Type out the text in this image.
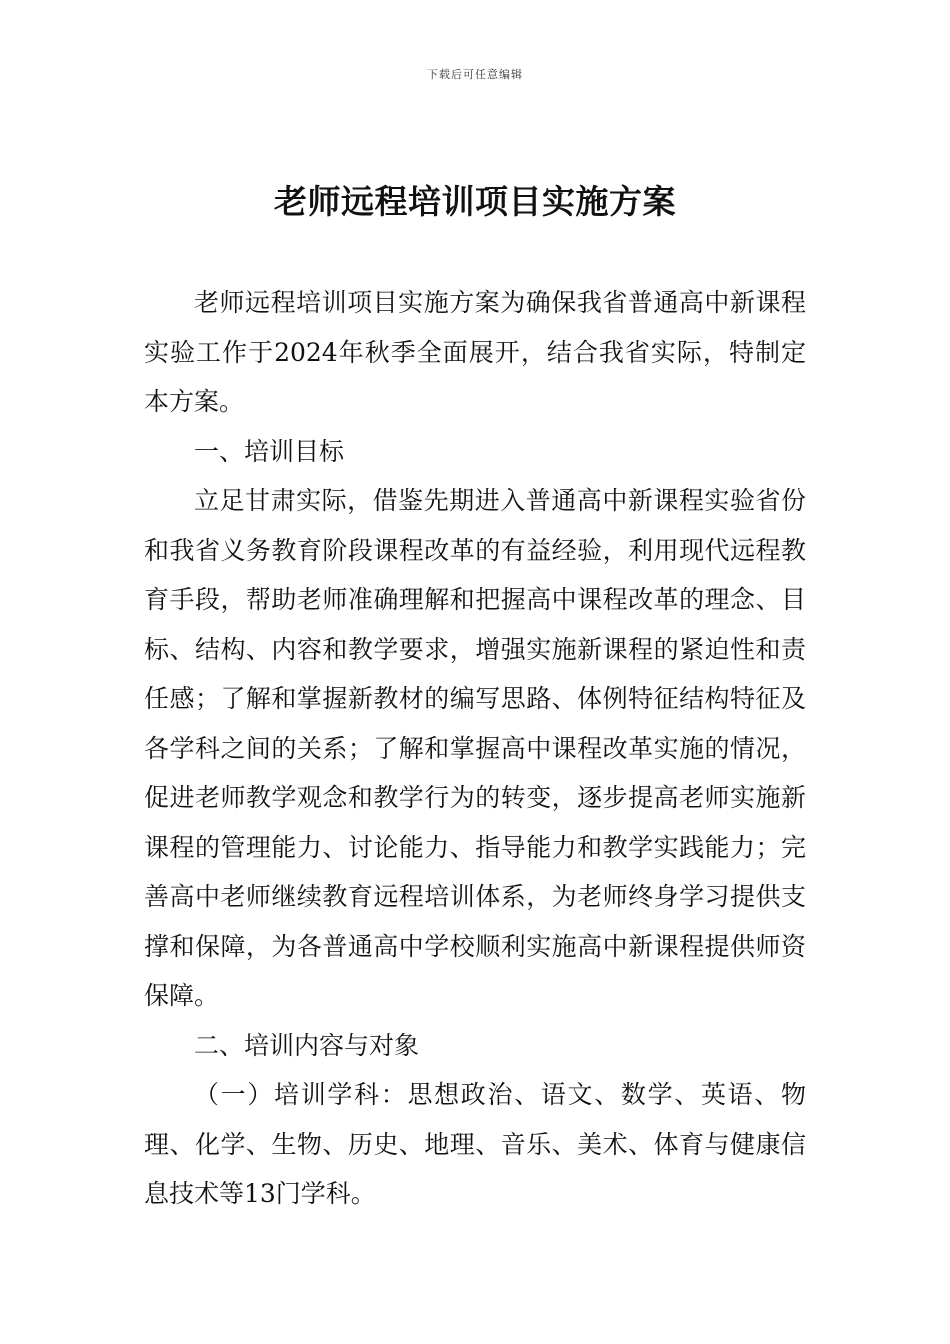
下载后可任意编辑
老师远程培训项目实施方案

老师远程培训项目实施方案为确保我省普通高中新课程实验工作于2024年秋季全面展开，结合我省实际，特制定本方案。

一、培训目标

立足甘肃实际，借鉴先期进入普通高中新课程实验省份和我省义务教育阶段课程改革的有益经验，利用现代远程教育手段，帮助老师准确理解和把握高中课程改革的理念、目标、结构、内容和教学要求，增强实施新课程的紧迫性和责任感；了解和掌握新教材的编写思路、体例特征结构特征及各学科之间的关系；了解和掌握高中课程改革实施的情况，促进老师教学观念和教学行为的转变，逐步提高老师实施新课程的管理能力、讨论能力、指导能力和教学实践能力；完善高中老师继续教育远程培训体系，为老师终身学习提供支撑和保障，为各普通高中学校顺利实施高中新课程提供师资保障。

二、培训内容与对象

（一）培训学科：思想政治、语文、数学、英语、物理、化学、生物、历史、地理、音乐、美术、体育与健康信息技术等13门学科。
